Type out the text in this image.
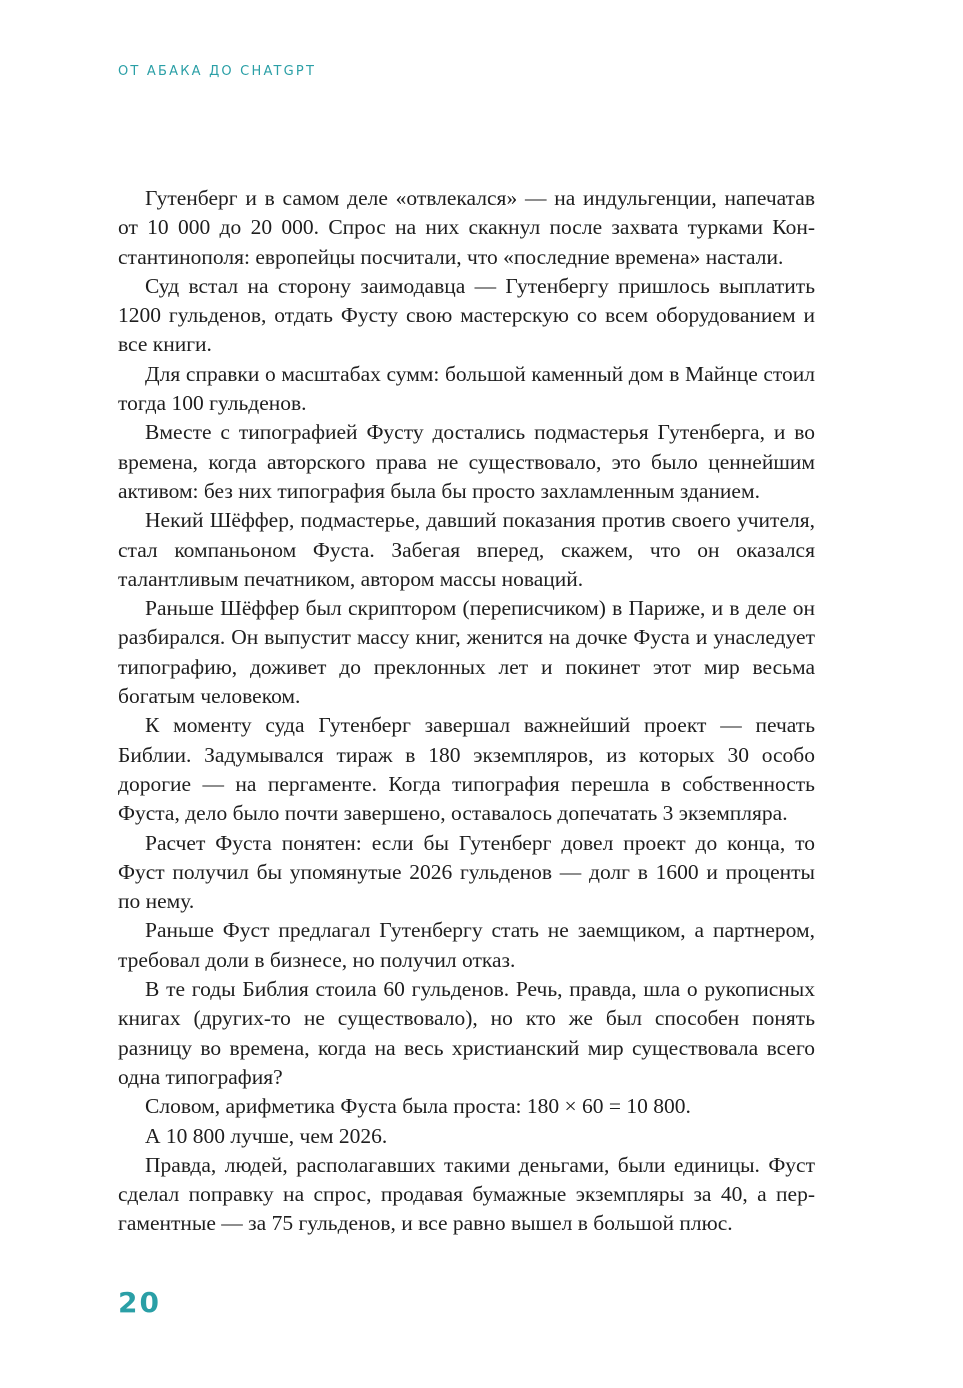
ОТ АБАКА ДО CHATGPT

Гутенберг и в самом деле «отвлекался» — на индульгенции, напечатав от 10 000 до 20 000. Спрос на них скакнул после захвата турками Константинополя: европейцы посчитали, что «последние времена» настали.

Суд встал на сторону заимодавца — Гутенбергу пришлось выплатить 1200 гульденов, отдать Фусту свою мастерскую со всем оборудованием и все книги.

Для справки о масштабах сумм: большой каменный дом в Майнце стоил тогда 100 гульденов.

Вместе с типографией Фусту достались подмастерья Гутенберга, и во времена, когда авторского права не существовало, это было ценнейшим активом: без них типография была бы просто захламленным зданием.

Некий Шёффер, подмастерье, давший показания против своего учителя, стал компаньоном Фуста. Забегая вперед, скажем, что он оказался талантливым печатником, автором массы новаций.

Раньше Шёффер был скриптором (переписчиком) в Париже, и в деле он разбирался. Он выпустит массу книг, женится на дочке Фуста и унаследует типографию, доживет до преклонных лет и покинет этот мир весьма богатым человеком.

К моменту суда Гутенберг завершал важнейший проект — печать Библии. Задумывался тираж в 180 экземпляров, из которых 30 особо дорогие — на пергаменте. Когда типография перешла в собственность Фуста, дело было почти завершено, оставалось допечатать 3 экземпляра.

Расчет Фуста понятен: если бы Гутенберг довел проект до конца, то Фуст получил бы упомянутые 2026 гульденов — долг в 1600 и проценты по нему.

Раньше Фуст предлагал Гутенбергу стать не заемщиком, а партнером, требовал доли в бизнесе, но получил отказ.

В те годы Библия стоила 60 гульденов. Речь, правда, шла о рукописных книгах (других-то не существовало), но кто же был способен понять разницу во времена, когда на весь христианский мир существовала всего одна типография?

Словом, арифметика Фуста была проста: 180 × 60 = 10 800.

А 10 800 лучше, чем 2026.

Правда, людей, располагавших такими деньгами, были единицы. Фуст сделал поправку на спрос, продавая бумажные экземпляры за 40, а пергаментные — за 75 гульденов, и все равно вышел в большой плюс.

20
